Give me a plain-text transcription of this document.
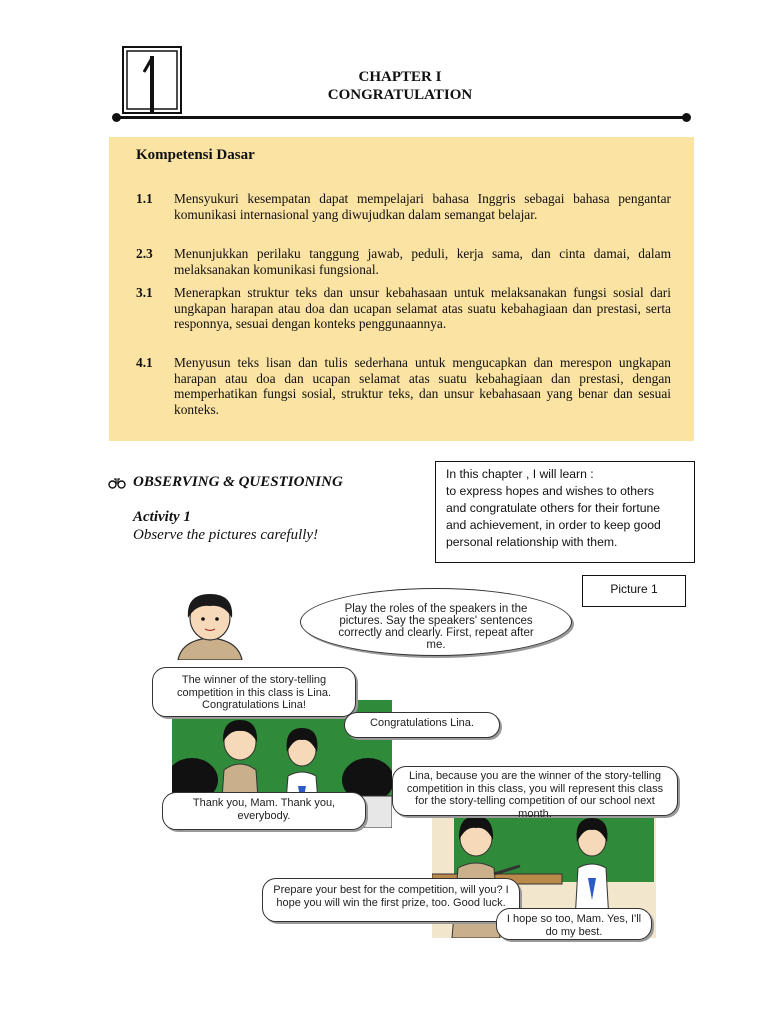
CHAPTER I
CONGRATULATION
Kompetensi Dasar
1.1 Mensyukuri kesempatan dapat mempelajari bahasa Inggris sebagai bahasa pengantar komunikasi internasional yang diwujudkan dalam semangat belajar.
2.3 Menunjukkan perilaku tanggung jawab, peduli, kerja sama, dan cinta damai, dalam melaksanakan komunikasi fungsional.
3.1 Menerapkan struktur teks dan unsur kebahasaan untuk melaksanakan fungsi sosial dari ungkapan harapan atau doa dan ucapan selamat atas suatu kebahagiaan dan prestasi, serta responnya, sesuai dengan konteks penggunaannya.
4.1 Menyusun teks lisan dan tulis sederhana untuk mengucapkan dan merespon ungkapan harapan atau doa dan ucapan selamat atas suatu kebahagiaan dan prestasi, dengan memperhatikan fungsi sosial, struktur teks, dan unsur kebahasaan yang benar dan sesuai konteks.
OBSERVING & QUESTIONING
Activity 1
Observe the pictures carefully!
In this chapter , I will learn :
to express hopes and wishes to others
and congratulate others for their fortune
and achievement, in order to keep good
personal relationship with them.
Picture 1
Play the roles of the speakers in the pictures. Say the speakers' sentences correctly and clearly. First, repeat after me.
The winner of the story-telling competition in this class is Lina. Congratulations Lina!
Congratulations Lina.
Thank you, Mam. Thank you, everybody.
Lina, because you are the winner of the story-telling competition in this class, you will represent this class for the story-telling competition of our school next month.
Prepare your best for the competition, will you? I hope you will win the first prize, too. Good luck.
I hope so too, Mam. Yes, I'll do my best.
